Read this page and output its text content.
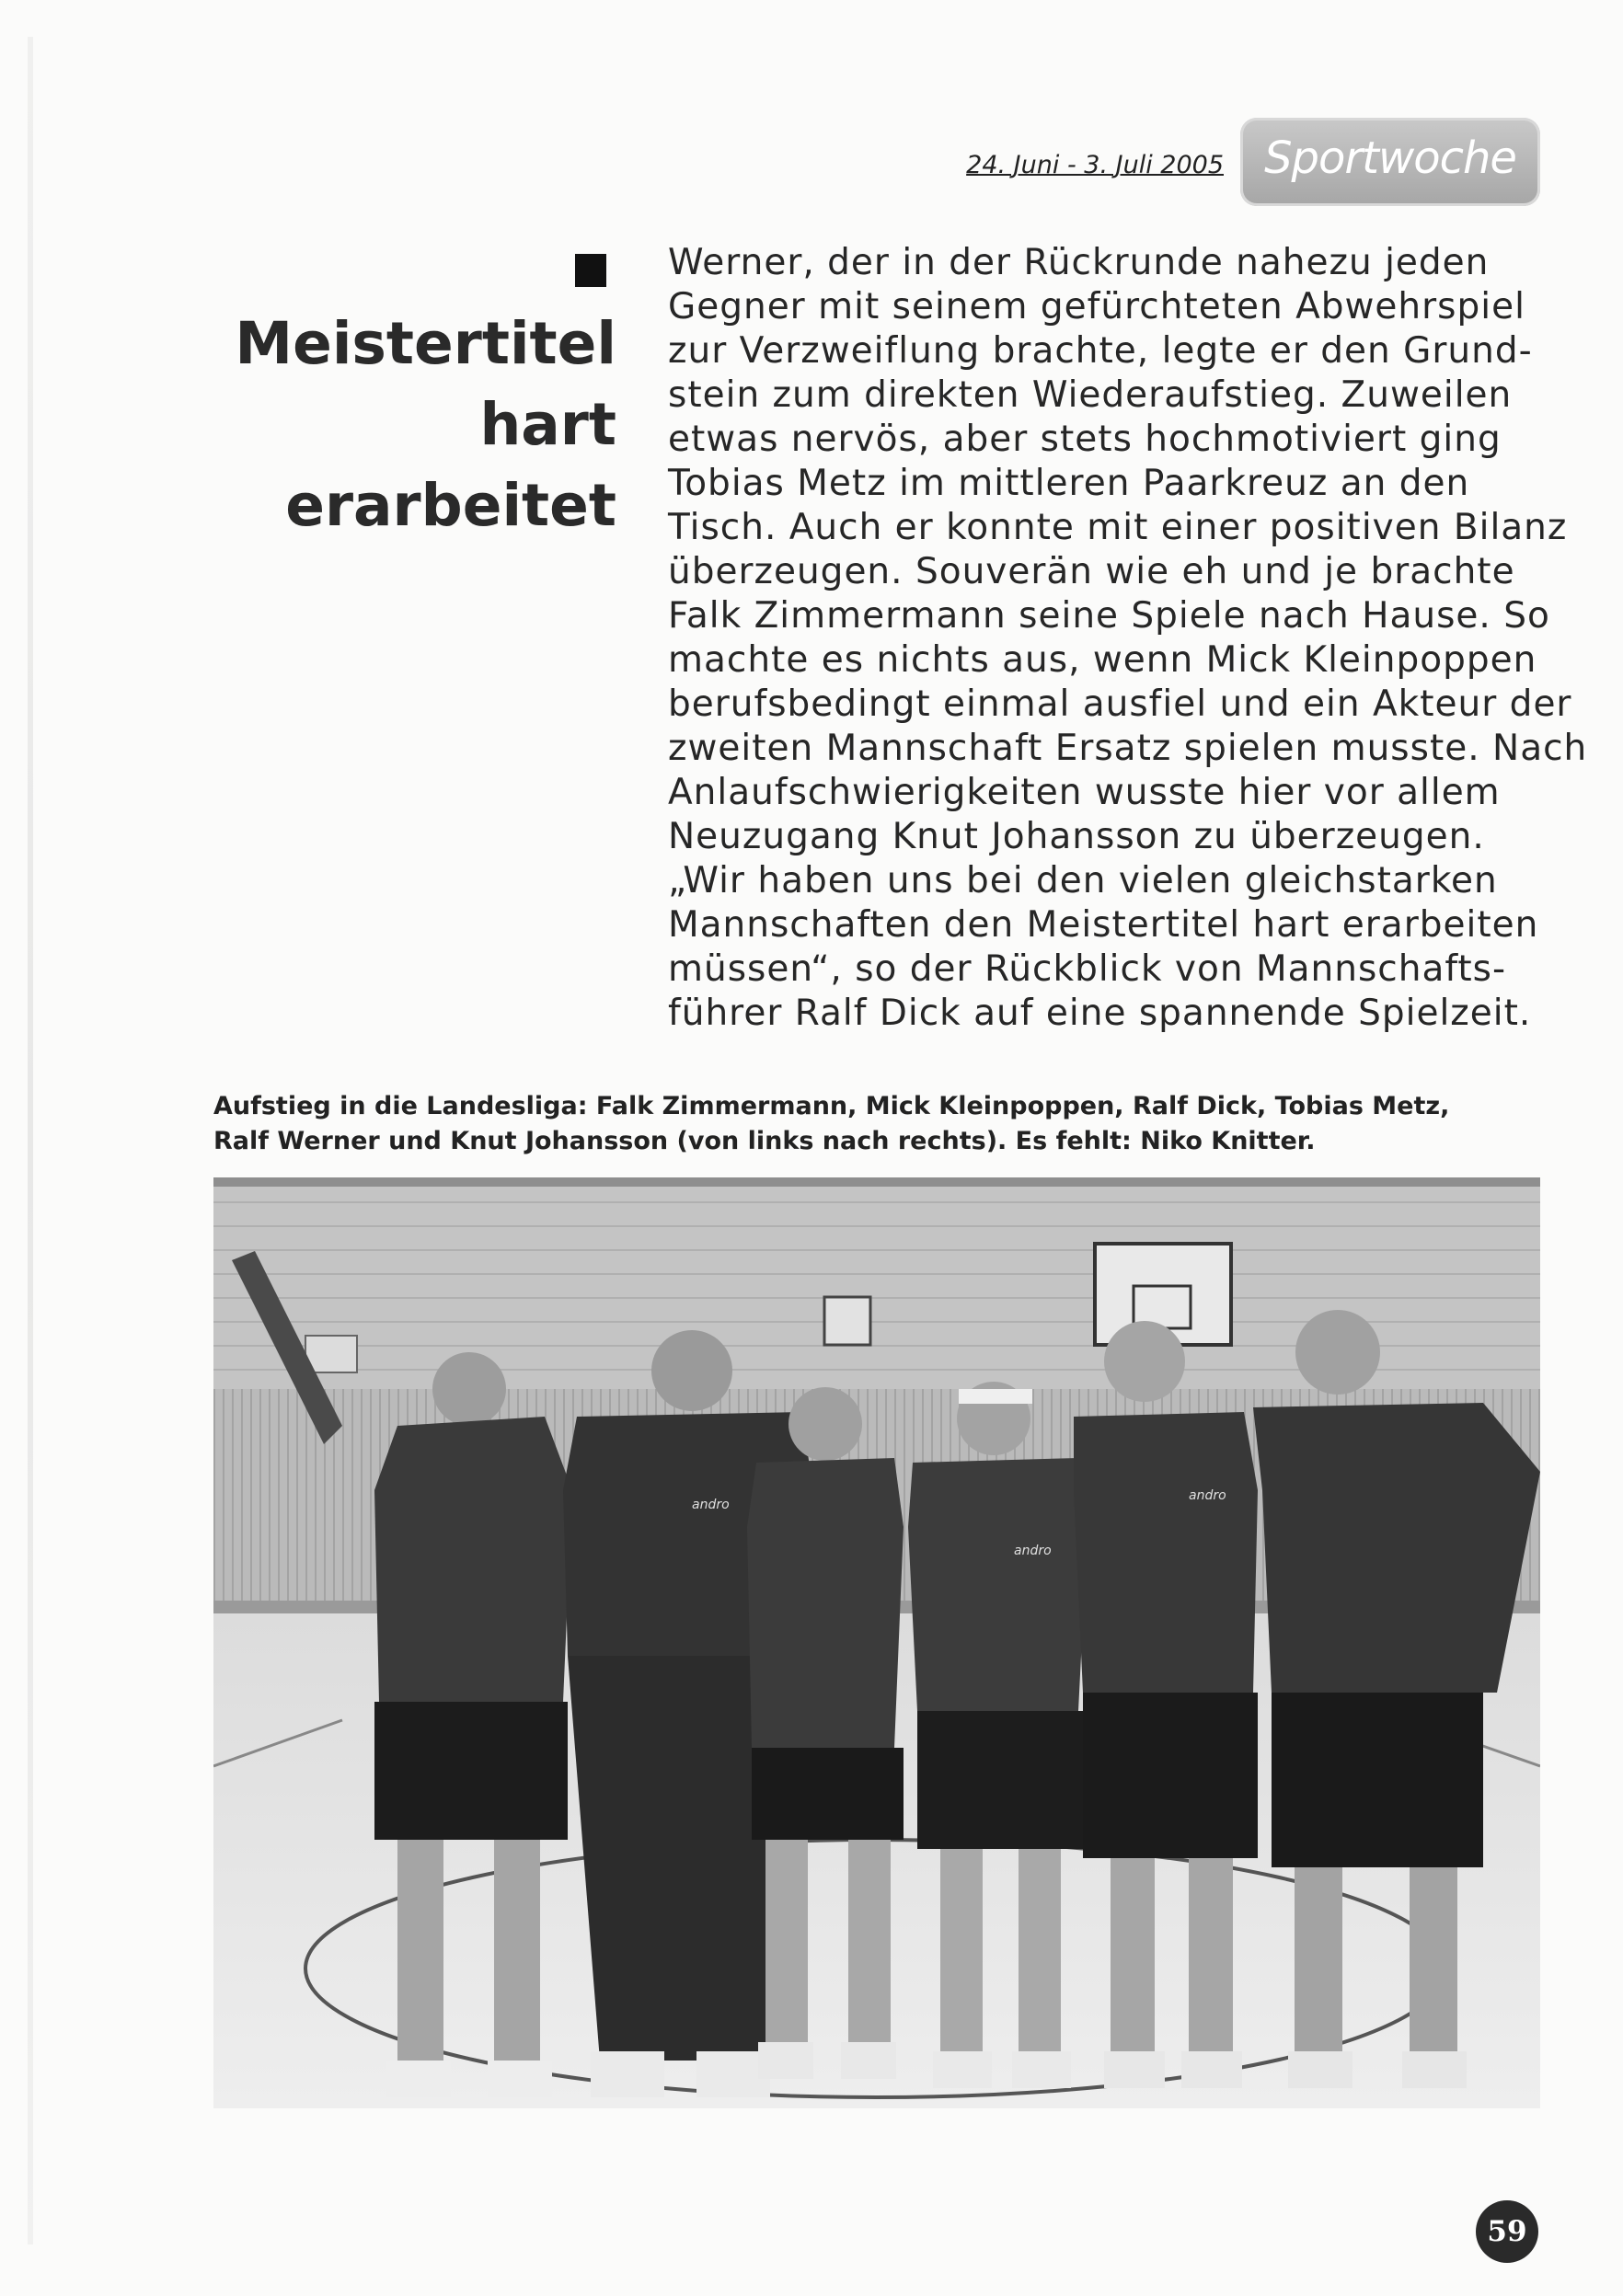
24. Juni - 3. Juli 2005 Sportwoche
Meistertitel
hart
erarbeitet
Werner, der in der Rückrunde nahezu jeden
Gegner mit seinem gefürchteten Abwehrspiel
zur Verzweiflung brachte, legte er den Grund-
stein zum direkten Wiederaufstieg. Zuweilen
etwas nervös, aber stets hochmotiviert ging
Tobias Metz im mittleren Paarkreuz an den
Tisch. Auch er konnte mit einer positiven Bilanz
überzeugen. Souverän wie eh und je brachte
Falk Zimmermann seine Spiele nach Hause. So
machte es nichts aus, wenn Mick Kleinpoppen
berufsbedingt einmal ausfiel und ein Akteur der
zweiten Mannschaft Ersatz spielen musste. Nach
Anlaufschwierigkeiten wusste hier vor allem
Neuzugang Knut Johansson zu überzeugen.
„Wir haben uns bei den vielen gleichstarken
Mannschaften den Meistertitel hart erarbeiten
müssen“, so der Rückblick von Mannschafts-
führer Ralf Dick auf eine spannende Spielzeit.
Aufstieg in die Landesliga: Falk Zimmermann, Mick Kleinpoppen, Ralf Dick, Tobias Metz,
Ralf Werner und Knut Johansson (von links nach rechts). Es fehlt: Niko Knitter.
andro
andro
andro
59
